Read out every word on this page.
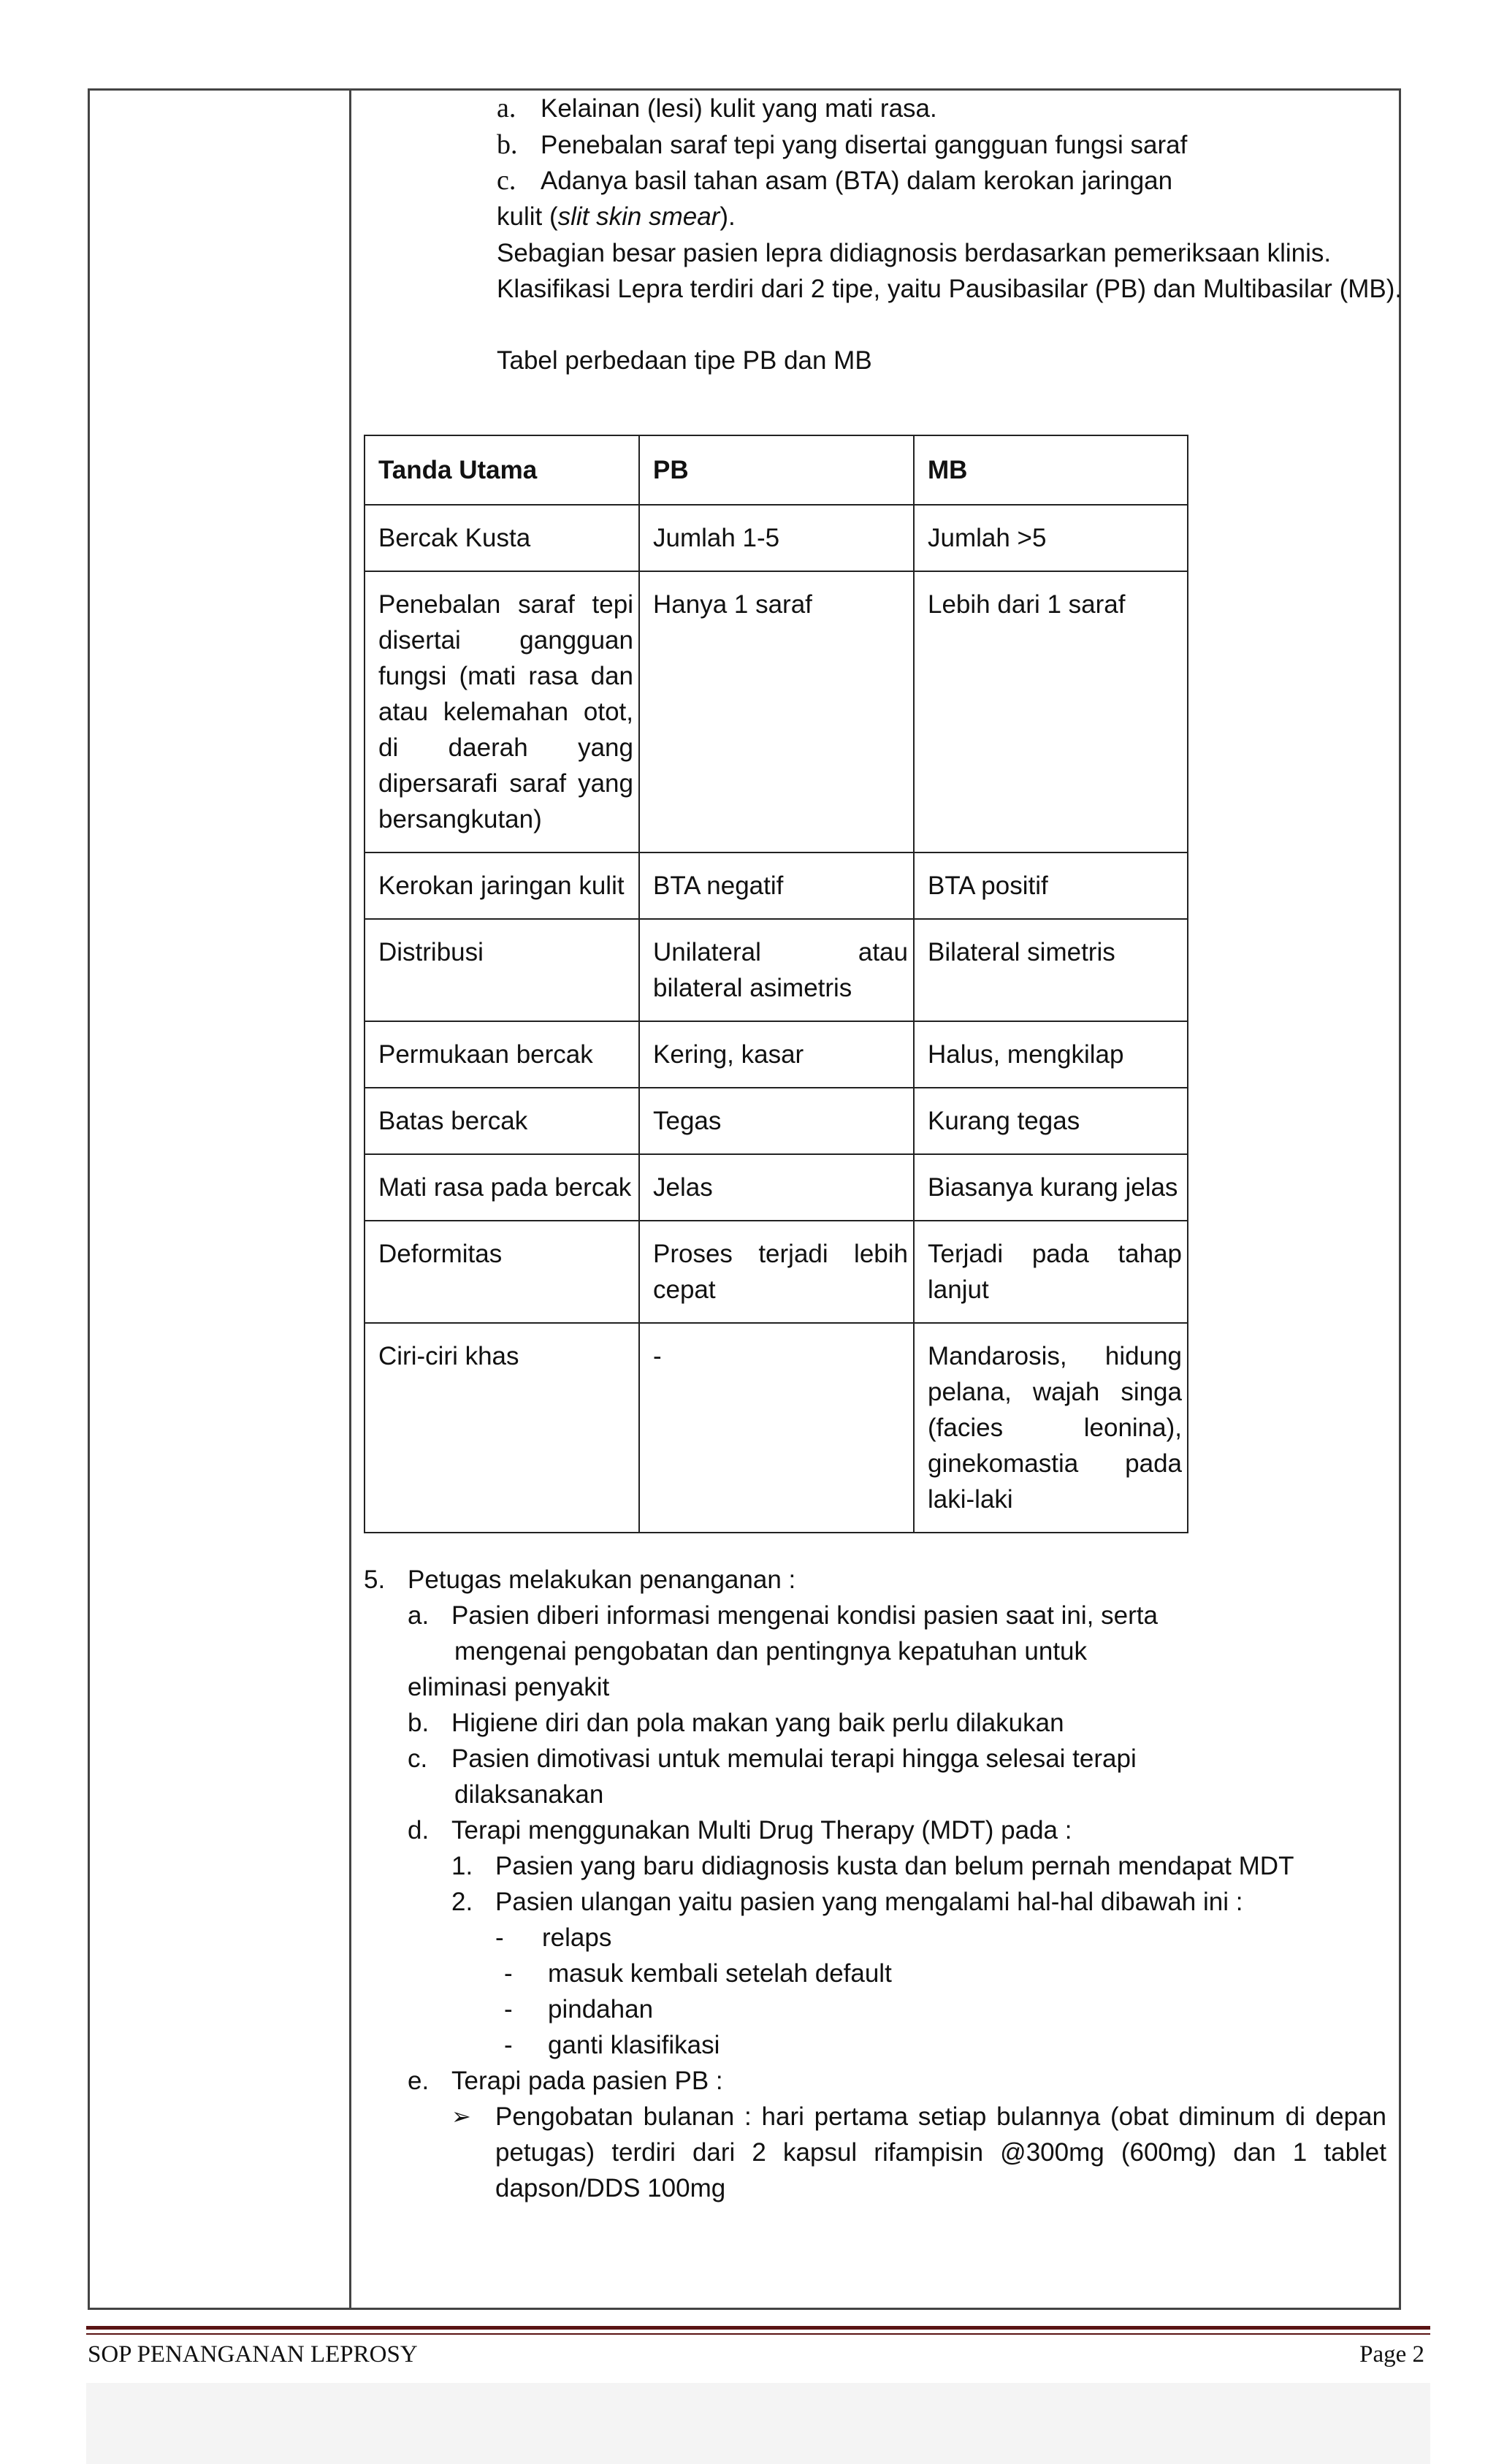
a. Kelainan (lesi) kulit yang mati rasa.
b. Penebalan saraf tepi yang disertai gangguan fungsi saraf
c. Adanya basil tahan asam (BTA) dalam kerokan jaringan
kulit (slit skin smear).
Sebagian besar pasien lepra didiagnosis berdasarkan pemeriksaan klinis.
Klasifikasi Lepra terdiri dari 2 tipe, yaitu Pausibasilar (PB) dan Multibasilar (MB).
Tabel perbedaan tipe PB dan MB
Tanda Utama	PB	MB
Bercak Kusta	Jumlah 1-5	Jumlah >5
Penebalan saraf tepi disertai gangguan fungsi (mati rasa dan atau kelemahan otot, di daerah yang dipersarafi saraf yang bersangkutan)	Hanya 1 saraf	Lebih dari 1 saraf
Kerokan jaringan kulit	BTA negatif	BTA positif
Distribusi	Unilateral atau bilateral asimetris	Bilateral simetris
Permukaan bercak	Kering, kasar	Halus, mengkilap
Batas bercak	Tegas	Kurang tegas
Mati rasa pada bercak	Jelas	Biasanya kurang jelas
Deformitas	Proses terjadi lebih cepat	Terjadi pada tahap lanjut
Ciri-ciri khas	-	Mandarosis, hidung pelana, wajah singa (facies leonina), ginekomastia pada laki-laki
5. Petugas melakukan penanganan :
a. Pasien diberi informasi mengenai kondisi pasien saat ini, serta
mengenai pengobatan dan pentingnya kepatuhan untuk
eliminasi penyakit
b. Higiene diri dan pola makan yang baik perlu dilakukan
c. Pasien dimotivasi untuk memulai terapi hingga selesai terapi
dilaksanakan
d. Terapi menggunakan Multi Drug Therapy (MDT) pada :
1. Pasien yang baru didiagnosis kusta dan belum pernah mendapat MDT
2. Pasien ulangan yaitu pasien yang mengalami hal-hal dibawah ini :
- relaps
- masuk kembali setelah default
- pindahan
- ganti klasifikasi
e. Terapi pada pasien PB :
➢ Pengobatan bulanan : hari pertama setiap bulannya (obat diminum di depan petugas) terdiri dari 2 kapsul rifampisin @300mg (600mg) dan 1 tablet dapson/DDS 100mg
SOP PENANGANAN LEPROSY	Page 2
